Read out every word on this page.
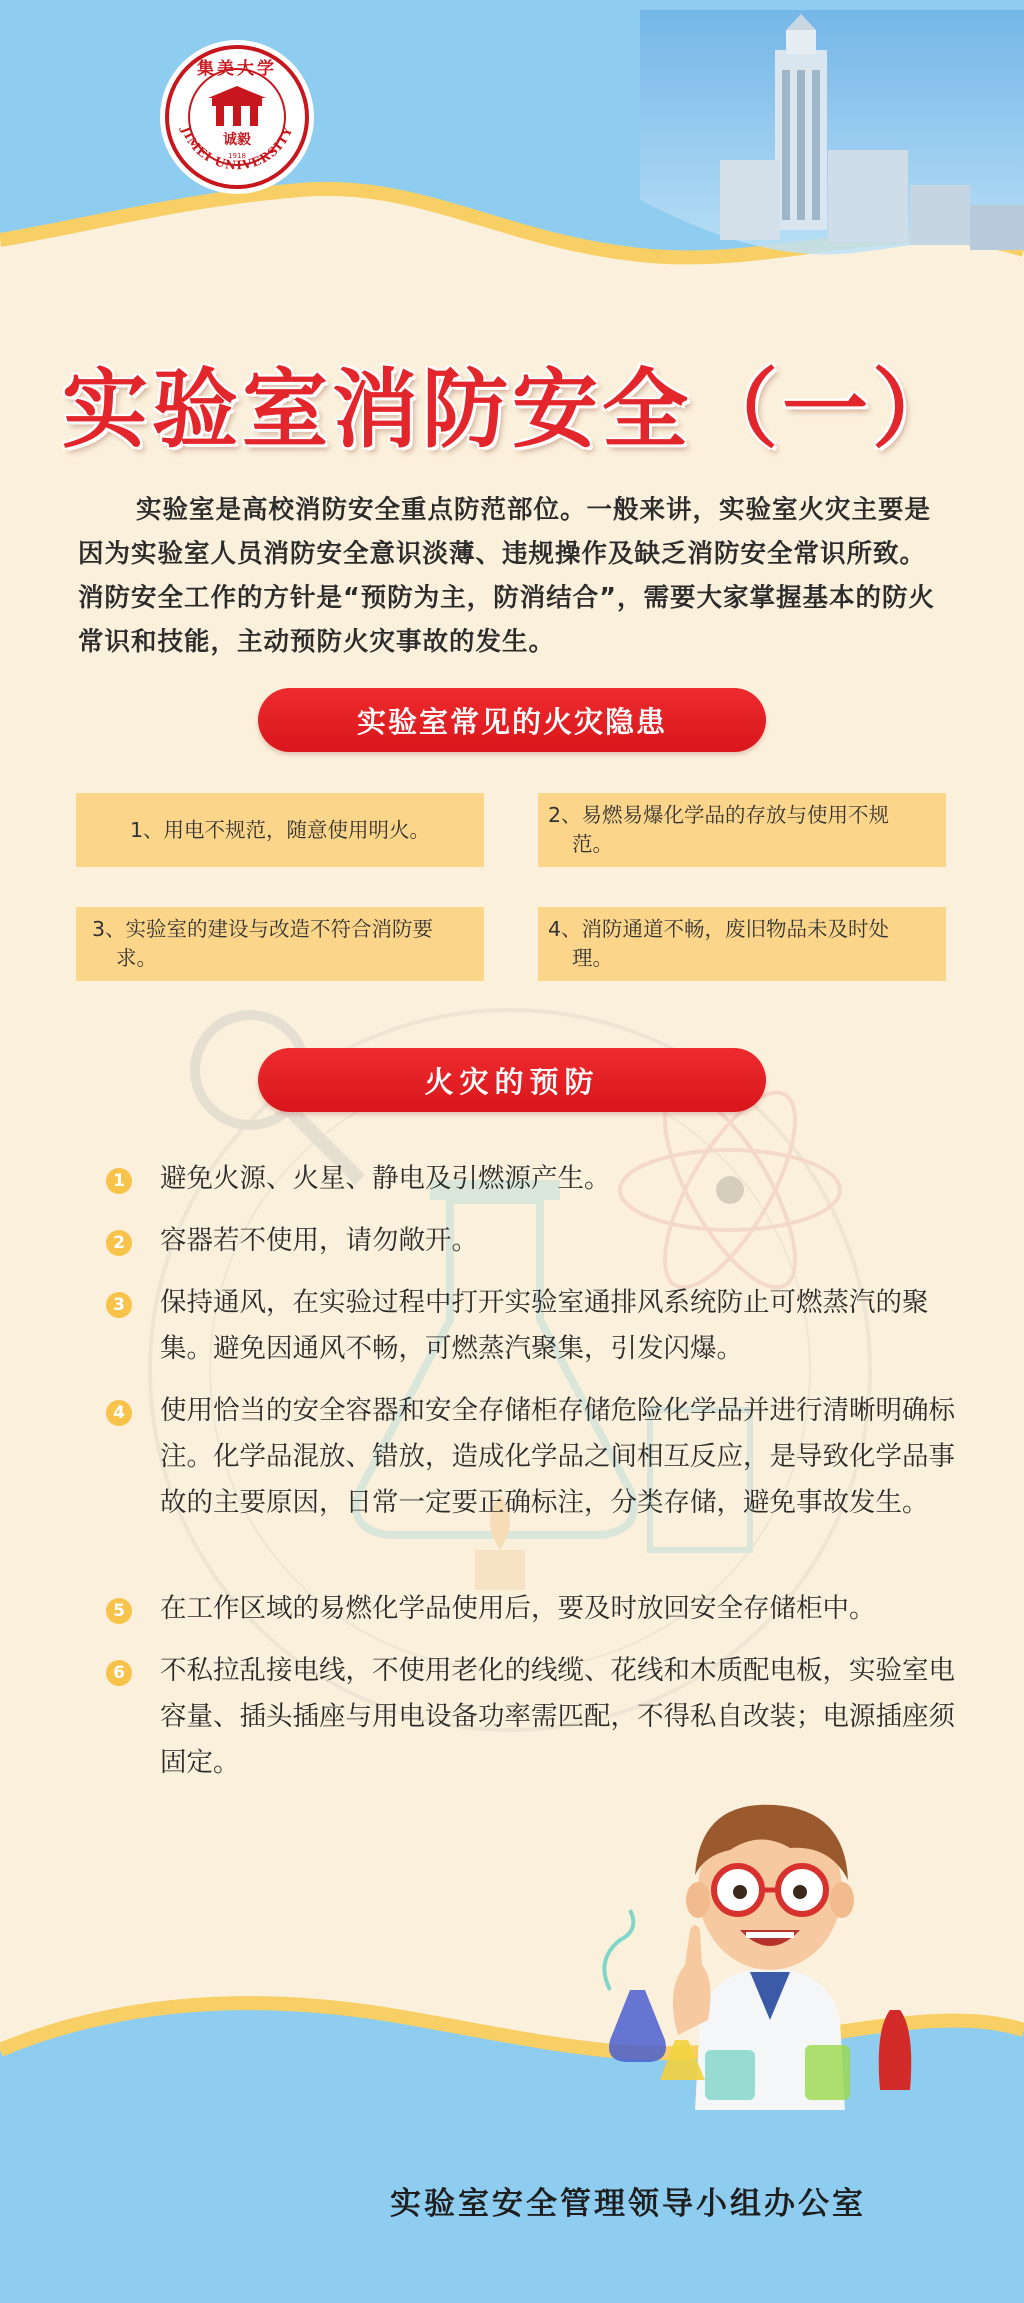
集美大学
JIMEI UNIVERSITY
诚毅
1918
实验室消防安全（一）
实验室是高校消防安全重点防范部位。一般来讲，实验室火灾主要是因为实验室人员消防安全意识淡薄、违规操作及缺乏消防安全常识所致。消防安全工作的方针是“预防为主，防消结合”，需要大家掌握基本的防火常识和技能，主动预防火灾事故的发生。
实验室常见的火灾隐患
1、用电不规范，随意使用明火。
2、易燃易爆化学品的存放与使用不规范。
3、实验室的建设与改造不符合消防要求。
4、消防通道不畅，废旧物品未及时处理。
火灾的预防
1 避免火源、火星、静电及引燃源产生。
2 容器若不使用，请勿敞开。
3 保持通风，在实验过程中打开实验室通排风系统防止可燃蒸汽的聚集。避免因通风不畅，可燃蒸汽聚集，引发闪爆。
4 使用恰当的安全容器和安全存储柜存储危险化学品并进行清晰明确标注。化学品混放、错放，造成化学品之间相互反应，是导致化学品事故的主要原因，日常一定要正确标注，分类存储，避免事故发生。
5 在工作区域的易燃化学品使用后，要及时放回安全存储柜中。
6 不私拉乱接电线，不使用老化的线缆、花线和木质配电板，实验室电容量、插头插座与用电设备功率需匹配，不得私自改装；电源插座须固定。
实验室安全管理领导小组办公室
